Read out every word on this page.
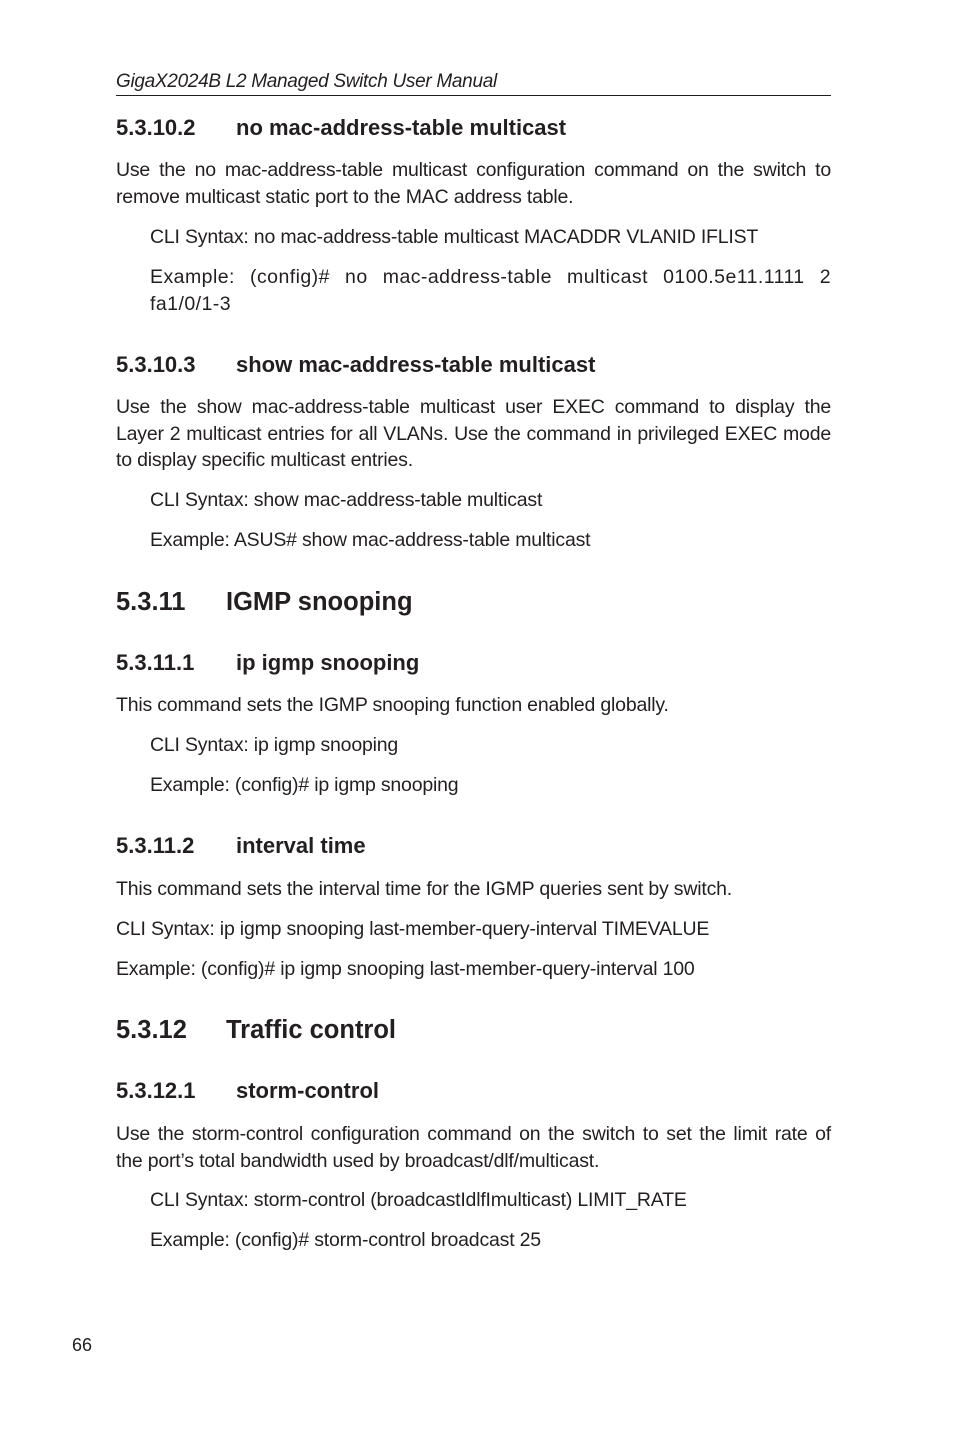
GigaX2024B L2 Managed Switch User Manual
5.3.10.2 no mac-address-table multicast

Use the no mac-address-table multicast configuration command on the switch to remove multicast static port to the MAC address table.

CLI Syntax: no mac-address-table multicast MACADDR VLANID IFLIST

Example: (config)# no mac-address-table multicast 0100.5e11.1111 2 fa1/0/1-3

5.3.10.3 show mac-address-table multicast

Use the show mac-address-table multicast user EXEC command to display the Layer 2 multicast entries for all VLANs. Use the command in privileged EXEC mode to display specific multicast entries.

CLI Syntax: show mac-address-table multicast

Example: ASUS# show mac-address-table multicast

5.3.11 IGMP snooping
5.3.11.1 ip igmp snooping

This command sets the IGMP snooping function enabled globally.

CLI Syntax: ip igmp snooping

Example: (config)# ip igmp snooping

5.3.11.2 interval time

This command sets the interval time for the IGMP queries sent by switch.

CLI Syntax: ip igmp snooping last-member-query-interval TIMEVALUE

Example: (config)# ip igmp snooping last-member-query-interval 100

5.3.12 Traffic control
5.3.12.1 storm-control

Use the storm-control configuration command on the switch to set the limit rate of the port’s total bandwidth used by broadcast/dlf/multicast.

CLI Syntax: storm-control (broadcastIdlfImulticast) LIMIT_RATE

Example: (config)# storm-control broadcast 25

66
